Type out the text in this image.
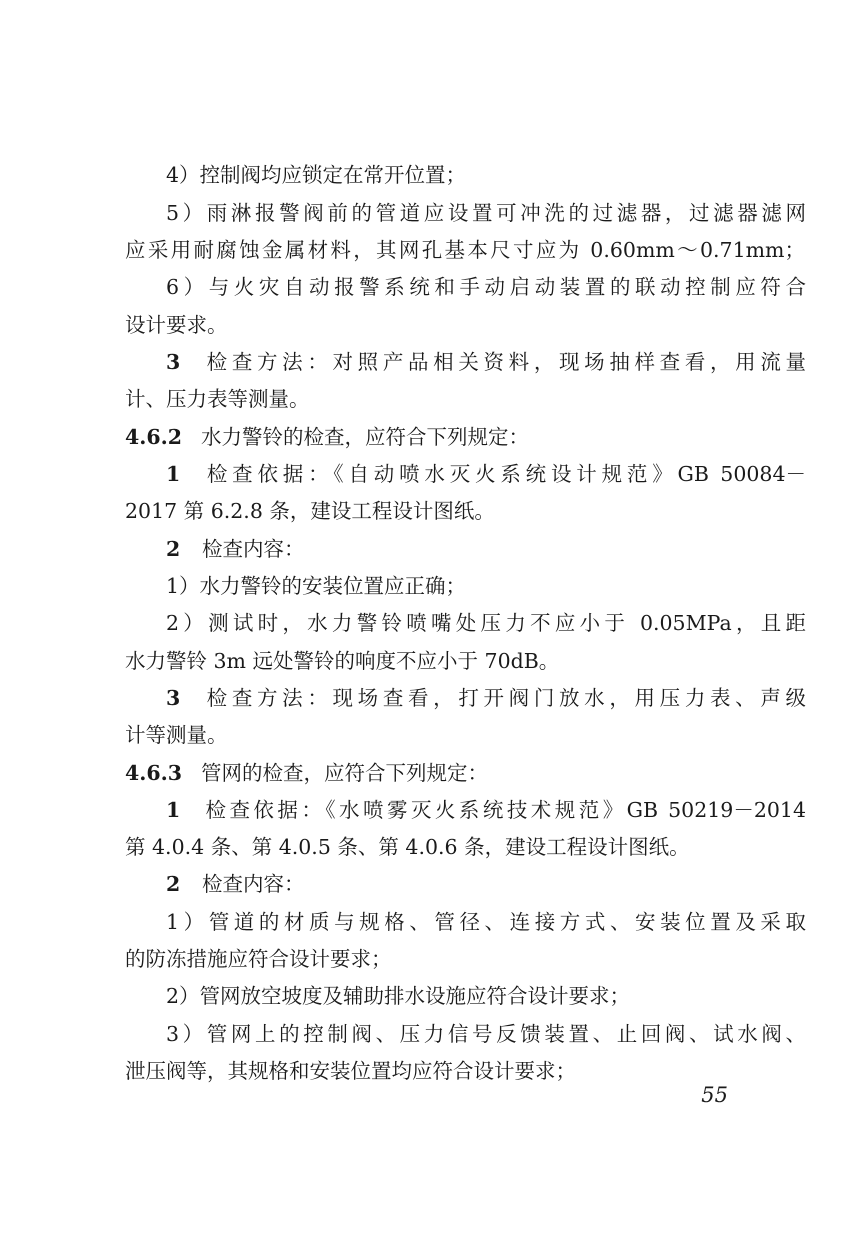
4）控制阀均应锁定在常开位置；
5）雨淋报警阀前的管道应设置可冲洗的过滤器，过滤器滤网
应采用耐腐蚀金属材料，其网孔基本尺寸应为 0.60mm～0.71mm；
6）与火灾自动报警系统和手动启动装置的联动控制应符合
设计要求。
3 检查方法：对照产品相关资料，现场抽样查看，用流量
计、压力表等测量。
4.6.2 水力警铃的检查，应符合下列规定：
1 检查依据：《自动喷水灭火系统设计规范》GB 50084－
2017 第 6.2.8 条，建设工程设计图纸。
2 检查内容：
1）水力警铃的安装位置应正确；
2）测试时，水力警铃喷嘴处压力不应小于 0.05MPa，且距
水力警铃 3m 远处警铃的响度不应小于 70dB。
3 检查方法：现场查看，打开阀门放水，用压力表、声级
计等测量。
4.6.3 管网的检查，应符合下列规定：
1 检查依据：《水喷雾灭火系统技术规范》GB 50219－2014
第 4.0.4 条、第 4.0.5 条、第 4.0.6 条，建设工程设计图纸。
2 检查内容：
1）管道的材质与规格、管径、连接方式、安装位置及采取
的防冻措施应符合设计要求；
2）管网放空坡度及辅助排水设施应符合设计要求；
3）管网上的控制阀、压力信号反馈装置、止回阀、试水阀、
泄压阀等，其规格和安装位置均应符合设计要求；
55
